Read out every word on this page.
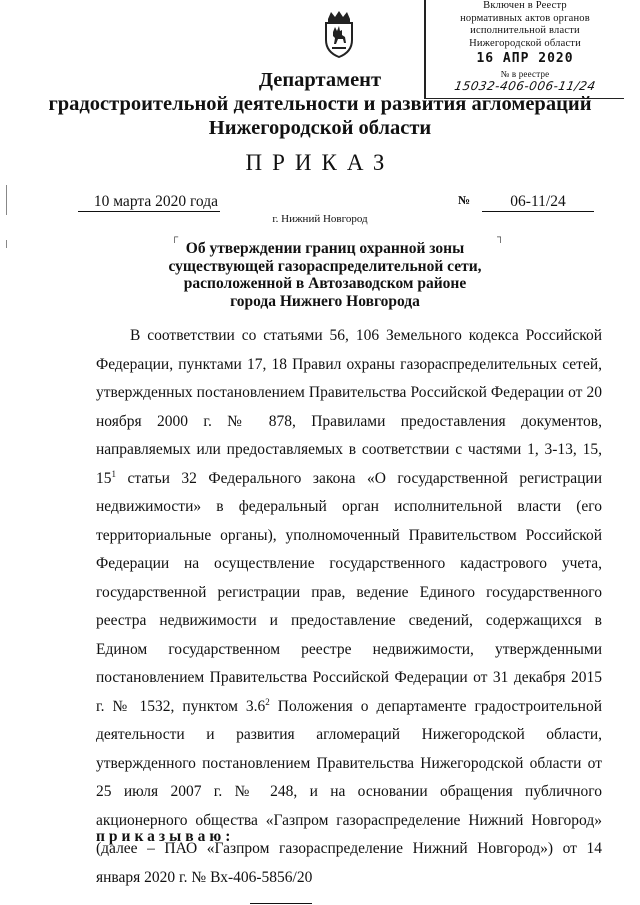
Включен в Реестр
нормативных актов органов
исполнительной власти
Нижегородской области
16 АПР 2020
№ в реестре
15032-406-006-11/24
Департамент
градостроительной деятельности и развития агломераций
Нижегородской области
ПРИКАЗ
10 марта 2020 года	№	06-11/24
г. Нижний Новгород
┌	┐
Об утверждении границ охранной зоны
существующей газораспределительной сети,
расположенной в Автозаводском районе
города Нижнего Новгорода
В соответствии со статьями 56, 106 Земельного кодекса Российской Федерации, пунктами 17, 18 Правил охраны газораспределительных сетей, утвержденных постановлением Правительства Российской Федерации от 20 ноября 2000 г. № 878, Правилами предоставления документов, направляемых или предоставляемых в соответствии с частями 1, 3-13, 15, $15^1$ статьи 32 Федерального закона «О государственной регистрации недвижимости» в федеральный орган исполнительной власти (его территориальные органы), уполномоченный Правительством Российской Федерации на осуществление государственного кадастрового учета, государственной регистрации прав, ведение Единого государственного реестра недвижимости и предоставление сведений, содержащихся в Едином государственном реестре недвижимости, утвержденными постановлением Правительства Российской Федерации от 31 декабря 2015 г. № 1532, пунктом $3.6^2$ Положения о департаменте градостроительной деятельности и развития агломераций Нижегородской области, утвержденного постановлением Правительства Нижегородской области от 25 июля 2007 г. № 248, и на основании обращения публичного акционерного общества «Газпром газораспределение Нижний Новгород» (далее – ПАО «Газпром газораспределение Нижний Новгород») от 14 января 2020 г. № Вх-406-5856/20
приказываю:
